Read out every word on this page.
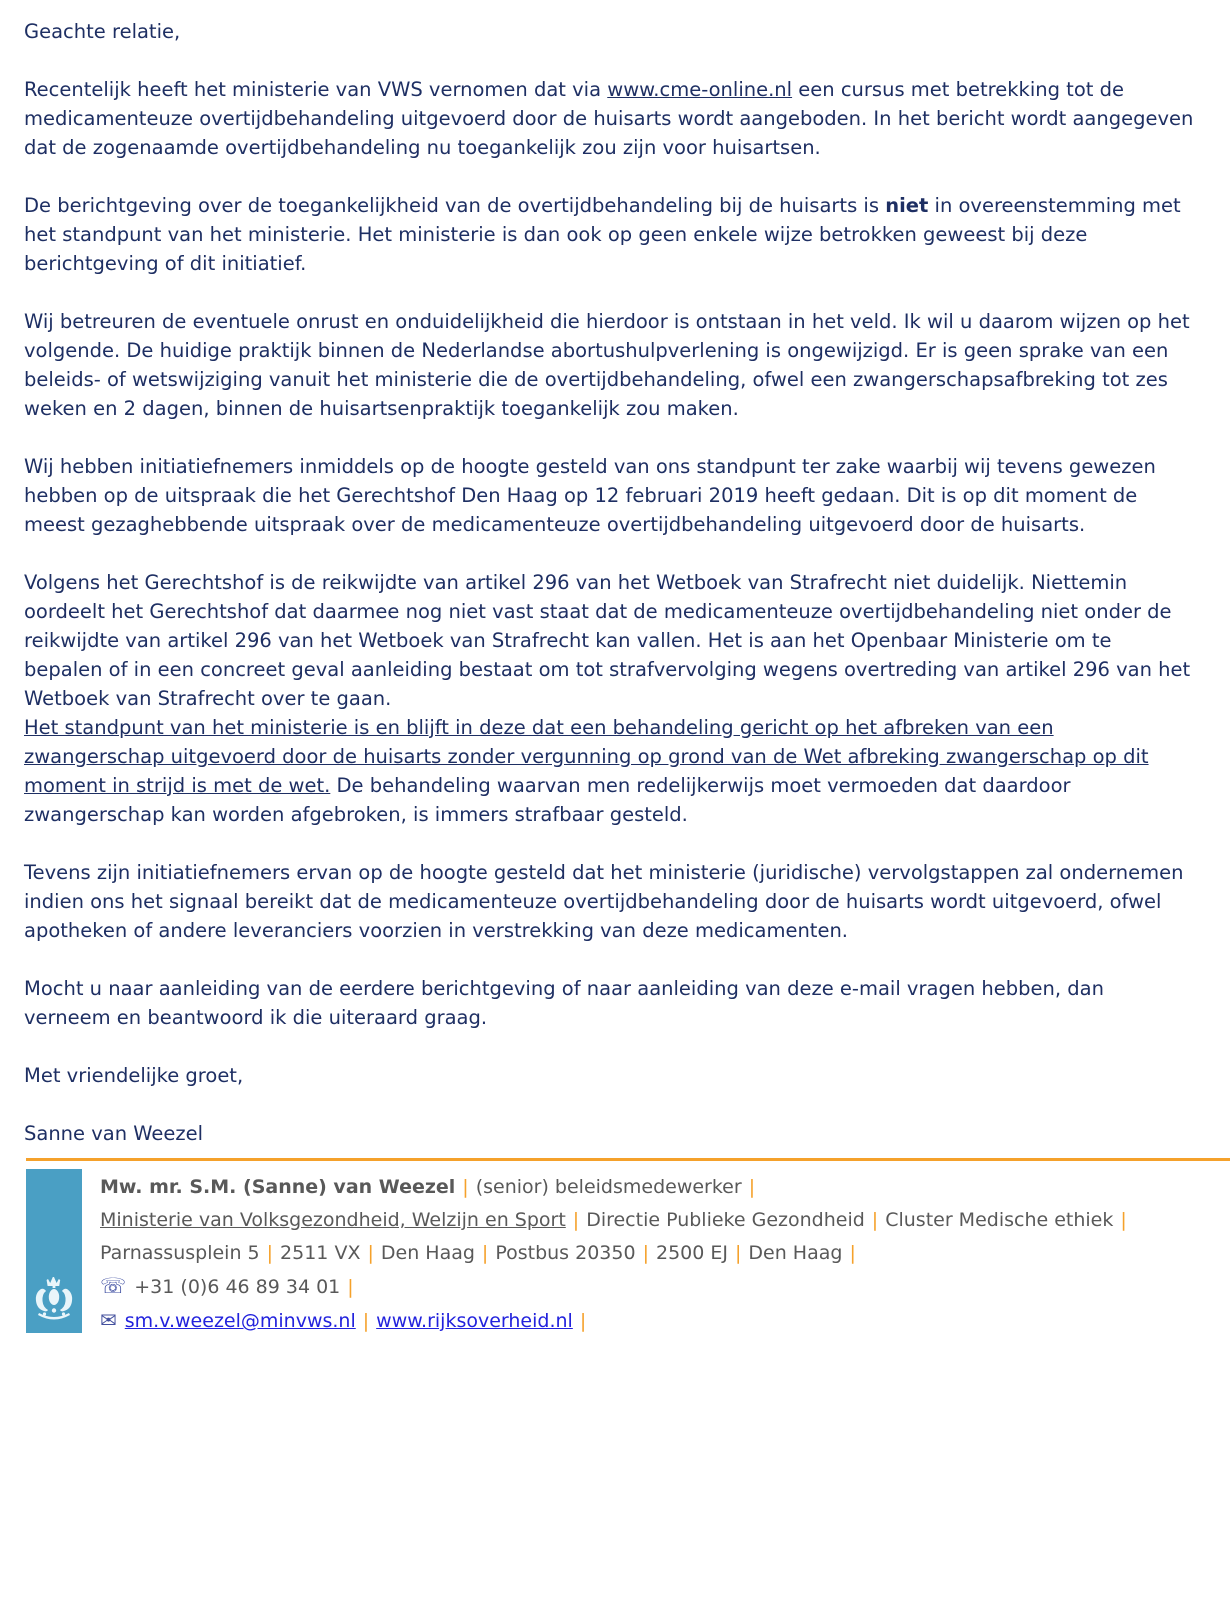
Geachte relatie,

Recentelijk heeft het ministerie van VWS vernomen dat via www.cme-online.nl een cursus met betrekking tot de medicamenteuze overtijdbehandeling uitgevoerd door de huisarts wordt aangeboden. In het bericht wordt aangegeven dat de zogenaamde overtijdbehandeling nu toegankelijk zou zijn voor huisartsen.

De berichtgeving over de toegankelijkheid van de overtijdbehandeling bij de huisarts is niet in overeenstemming met het standpunt van het ministerie. Het ministerie is dan ook op geen enkele wijze betrokken geweest bij deze berichtgeving of dit initiatief.

Wij betreuren de eventuele onrust en onduidelijkheid die hierdoor is ontstaan in het veld. Ik wil u daarom wijzen op het volgende. De huidige praktijk binnen de Nederlandse abortushulpverlening is ongewijzigd. Er is geen sprake van een beleids- of wetswijziging vanuit het ministerie die de overtijdbehandeling, ofwel een zwangerschapsafbreking tot zes weken en 2 dagen, binnen de huisartsenpraktijk toegankelijk zou maken.

Wij hebben initiatiefnemers inmiddels op de hoogte gesteld van ons standpunt ter zake waarbij wij tevens gewezen hebben op de uitspraak die het Gerechtshof Den Haag op 12 februari 2019 heeft gedaan. Dit is op dit moment de meest gezaghebbende uitspraak over de medicamenteuze overtijdbehandeling uitgevoerd door de huisarts.

Volgens het Gerechtshof is de reikwijdte van artikel 296 van het Wetboek van Strafrecht niet duidelijk. Niettemin oordeelt het Gerechtshof dat daarmee nog niet vast staat dat de medicamenteuze overtijdbehandeling niet onder de reikwijdte van artikel 296 van het Wetboek van Strafrecht kan vallen. Het is aan het Openbaar Ministerie om te bepalen of in een concreet geval aanleiding bestaat om tot strafvervolging wegens overtreding van artikel 296 van het Wetboek van Strafrecht over te gaan.
Het standpunt van het ministerie is en blijft in deze dat een behandeling gericht op het afbreken van een zwangerschap uitgevoerd door de huisarts zonder vergunning op grond van de Wet afbreking zwangerschap op dit moment in strijd is met de wet. De behandeling waarvan men redelijkerwijs moet vermoeden dat daardoor zwangerschap kan worden afgebroken, is immers strafbaar gesteld.

Tevens zijn initiatiefnemers ervan op de hoogte gesteld dat het ministerie (juridische) vervolgstappen zal ondernemen indien ons het signaal bereikt dat de medicamenteuze overtijdbehandeling door de huisarts wordt uitgevoerd, ofwel apotheken of andere leveranciers voorzien in verstrekking van deze medicamenten.

Mocht u naar aanleiding van de eerdere berichtgeving of naar aanleiding van deze e-mail vragen hebben, dan verneem en beantwoord ik die uiteraard graag.

Met vriendelijke groet,

Sanne van Weezel

Mw. mr. S.M. (Sanne) van Weezel | (senior) beleidsmedewerker |

Ministerie van Volksgezondheid, Welzijn en Sport | Directie Publieke Gezondheid | Cluster Medische ethiek |

Parnassusplein 5 | 2511 VX | Den Haag | Postbus 20350 | 2500 EJ | Den Haag |

☏ +31 (0)6 46 89 34 01 |

✉ sm.v.weezel@minvws.nl | www.rijksoverheid.nl |
